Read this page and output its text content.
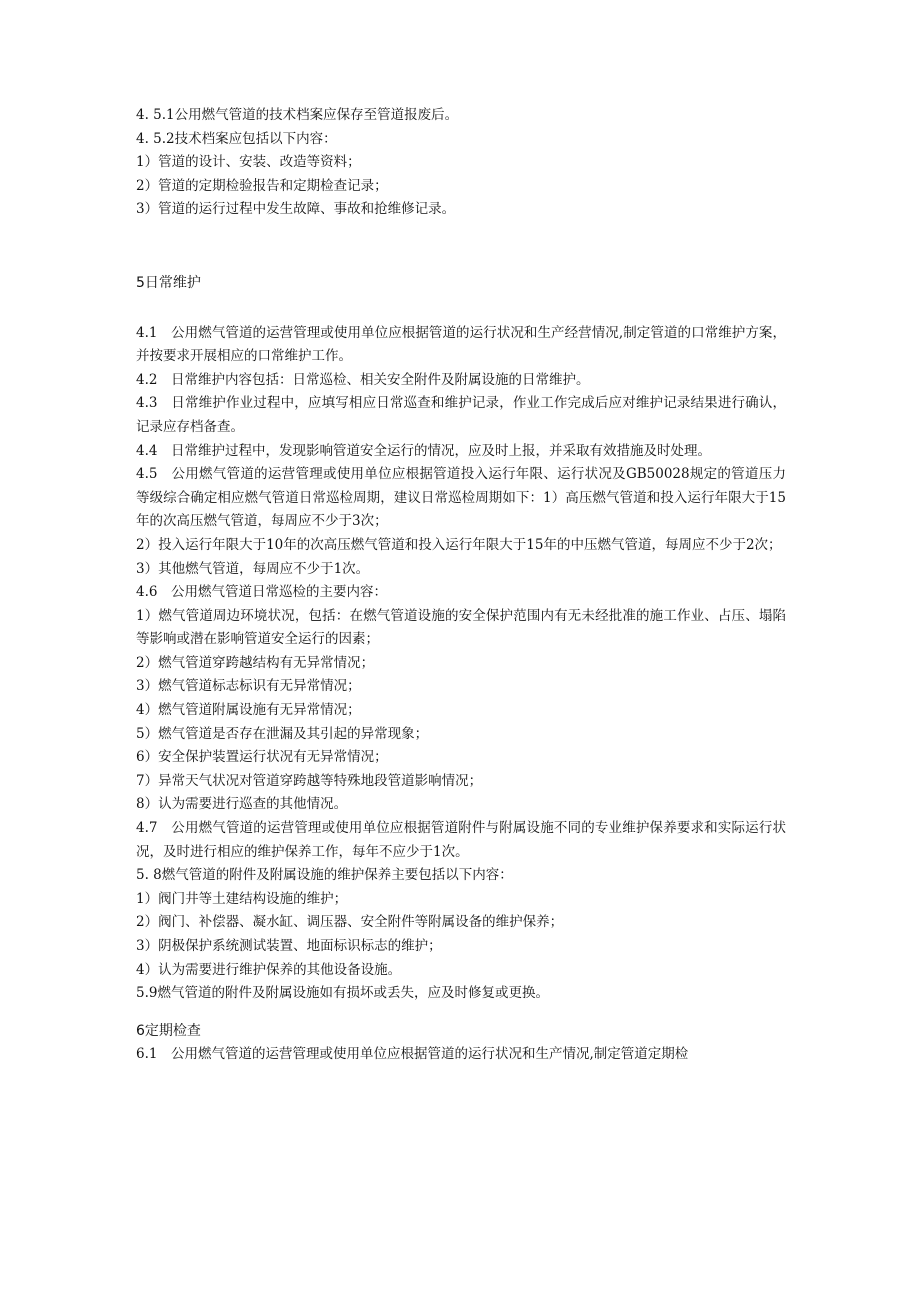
4. 5.1公用燃气管道的技术档案应保存至管道报废后。

4. 5.2技术档案应包括以下内容：

1）管道的设计、安装、改造等资料；

2）管道的定期检验报告和定期检查记录；

3）管道的运行过程中发生故障、事故和抢维修记录。

5日常维护

4.1　公用燃气管道的运营管理或使用单位应根据管道的运行状况和生产经营情况,制定管道的口常维护方案，并按要求开展相应的口常维护工作。

4.2　日常维护内容包括：日常巡检、相关安全附件及附属设施的日常维护。

4.3　日常维护作业过程中，应填写相应日常巡查和维护记录，作业工作完成后应对维护记录结果进行确认，记录应存档备查。

4.4　日常维护过程中，发现影响管道安全运行的情况，应及时上报，并采取有效措施及时处理。

4.5　公用燃气管道的运营管理或使用单位应根据管道投入运行年限、运行状况及GB50028规定的管道压力等级综合确定相应燃气管道日常巡检周期，建议日常巡检周期如下：1）高压燃气管道和投入运行年限大于15年的次高压燃气管道，每周应不少于3次；

2）投入运行年限大于10年的次高压燃气管道和投入运行年限大于15年的中压燃气管道，每周应不少于2次；

3）其他燃气管道，每周应不少于1次。

4.6　公用燃气管道日常巡检的主要内容：

1）燃气管道周边环境状况，包括：在燃气管道设施的安全保护范围内有无未经批准的施工作业、占压、塌陷等影响或潜在影响管道安全运行的因素；

2）燃气管道穿跨越结构有无异常情况；

3）燃气管道标志标识有无异常情况；

4）燃气管道附属设施有无异常情况；

5）燃气管道是否存在泄漏及其引起的异常现象；

6）安全保护装置运行状况有无异常情况；

7）异常天气状况对管道穿跨越等特殊地段管道影响情况；

8）认为需要进行巡查的其他情况。

4.7　公用燃气管道的运营管理或使用单位应根据管道附件与附属设施不同的专业维护保养要求和实际运行状况，及时进行相应的维护保养工作，每年不应少于1次。

5. 8燃气管道的附件及附属设施的维护保养主要包括以下内容：

1）阀门井等土建结构设施的维护；

2）阀门、补偿器、凝水缸、调压器、安全附件等附属设备的维护保养；

3）阴极保护系统测试装置、地面标识标志的维护；

4）认为需要进行维护保养的其他设备设施。

5.9燃气管道的附件及附属设施如有损坏或丢失，应及时修复或更换。

6定期检查

6.1　公用燃气管道的运营管理或使用单位应根据管道的运行状况和生产情况,制定管道定期检
